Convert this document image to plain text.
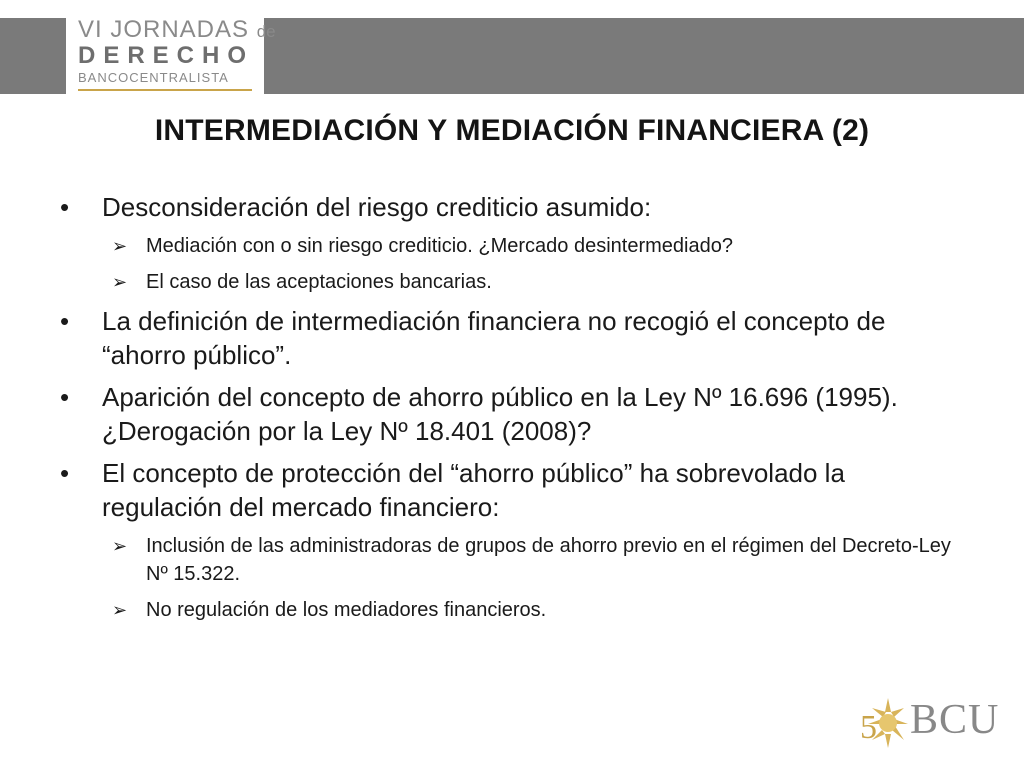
VI JORNADAS de
DERECHO
BANCOCENTRALISTA
INTERMEDIACIÓN Y MEDIACIÓN FINANCIERA (2)
•	Desconsideración del riesgo crediticio asumido:
➢ Mediación con o sin riesgo crediticio. ¿Mercado desintermediado?
➢ El caso de las aceptaciones bancarias.
•	La definición de intermediación financiera no recogió el concepto de “ahorro público”.
•	Aparición del concepto de ahorro público en la Ley Nº 16.696 (1995). ¿Derogación por la Ley Nº 18.401 (2008)?
•	El concepto de protección del “ahorro público” ha sobrevolado la regulación del mercado financiero:
➢ Inclusión de las administradoras de grupos de ahorro previo en el régimen del Decreto-Ley Nº 15.322.
➢ No regulación de los mediadores financieros.
5 BCU
